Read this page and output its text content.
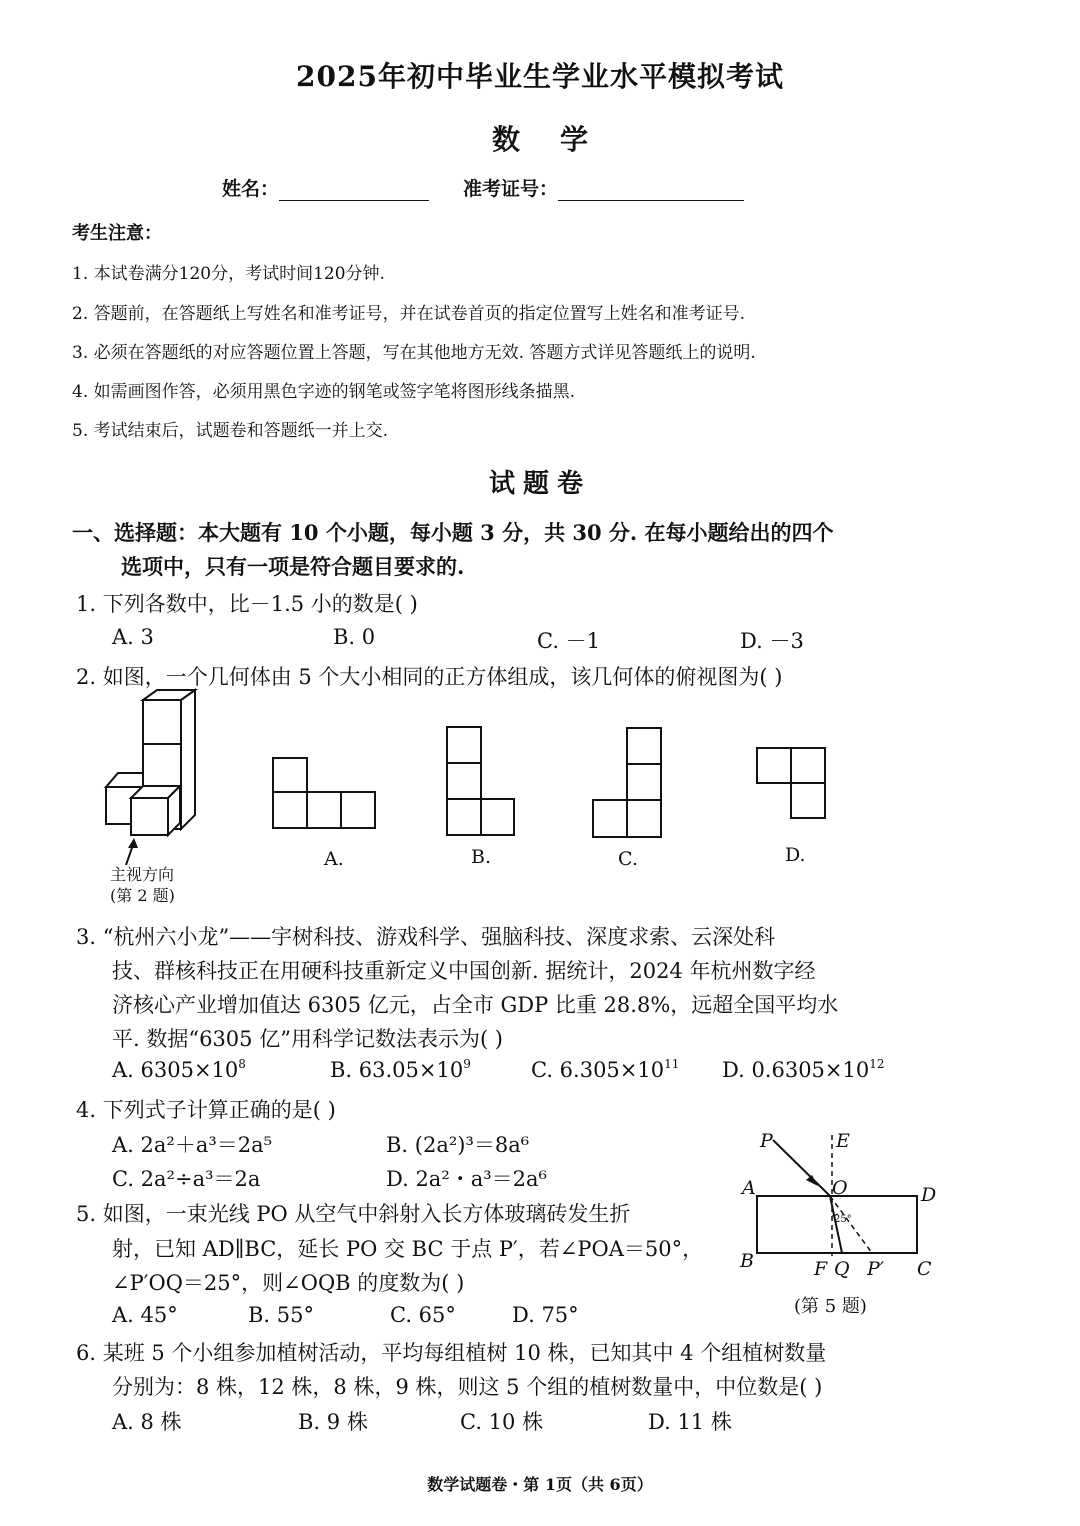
2025年初中毕业生学业水平模拟考试
数学
姓名：	准考证号：
考生注意：
1. 本试卷满分120分，考试时间120分钟.
2. 答题前，在答题纸上写姓名和准考证号，并在试卷首页的指定位置写上姓名和准考证号.
3. 必须在答题纸的对应答题位置上答题，写在其他地方无效. 答题方式详见答题纸上的说明.
4. 如需画图作答，必须用黑色字迹的钢笔或签字笔将图形线条描黑.
5. 考试结束后，试题卷和答题纸一并上交.
试题卷
一、选择题：本大题有 10 个小题，每小题 3 分，共 30 分. 在每小题给出的四个
选项中，只有一项是符合题目要求的.
1. 下列各数中，比－1.5 小的数是( )
A. 3	B. 0	C. －1	D. －3
2. 如图，一个几何体由 5 个大小相同的正方体组成，该几何体的俯视图为( )
主视方向
(第 2 题)
A.	B.	C.	D.
3. “杭州六小龙”——宇树科技、游戏科学、强脑科技、深度求索、云深处科
技、群核科技正在用硬科技重新定义中国创新. 据统计，2024 年杭州数字经
济核心产业增加值达 6305 亿元，占全市 GDP 比重 28.8%，远超全国平均水
平. 数据“6305 亿”用科学记数法表示为( )
A. $6305\times 10^8$	B. $63.05\times 10^9$	C. $6.305\times 10^{11}$ D. $0.6305\times 10^{12}$
4. 下列式子计算正确的是( )
A. 2a²＋a³＝2a⁵	B. (2a²)³＝8a⁶
C. 2a²÷a³＝2a	D. 2a²・a³＝2a⁶
5. 如图，一束光线 PO 从空气中斜射入长方体玻璃砖发生折
射，已知 AD∥BC，延长 PO 交 BC 于点 P′，若∠POA＝50°，
∠P′OQ＝25°，则∠OQB 的度数为( )
A. 45°	B. 55°	C. 65°	D. 75°
P	E
A	O	D
B	F Q P′ C
25°
(第 5 题)
6. 某班 5 个小组参加植树活动，平均每组植树 10 株，已知其中 4 个组植树数量
分别为：8 株，12 株，8 株，9 株，则这 5 个组的植树数量中，中位数是( )
A. 8 株	B. 9 株	C. 10 株	D. 11 株
数学试题卷・第 1页（共 6页）
